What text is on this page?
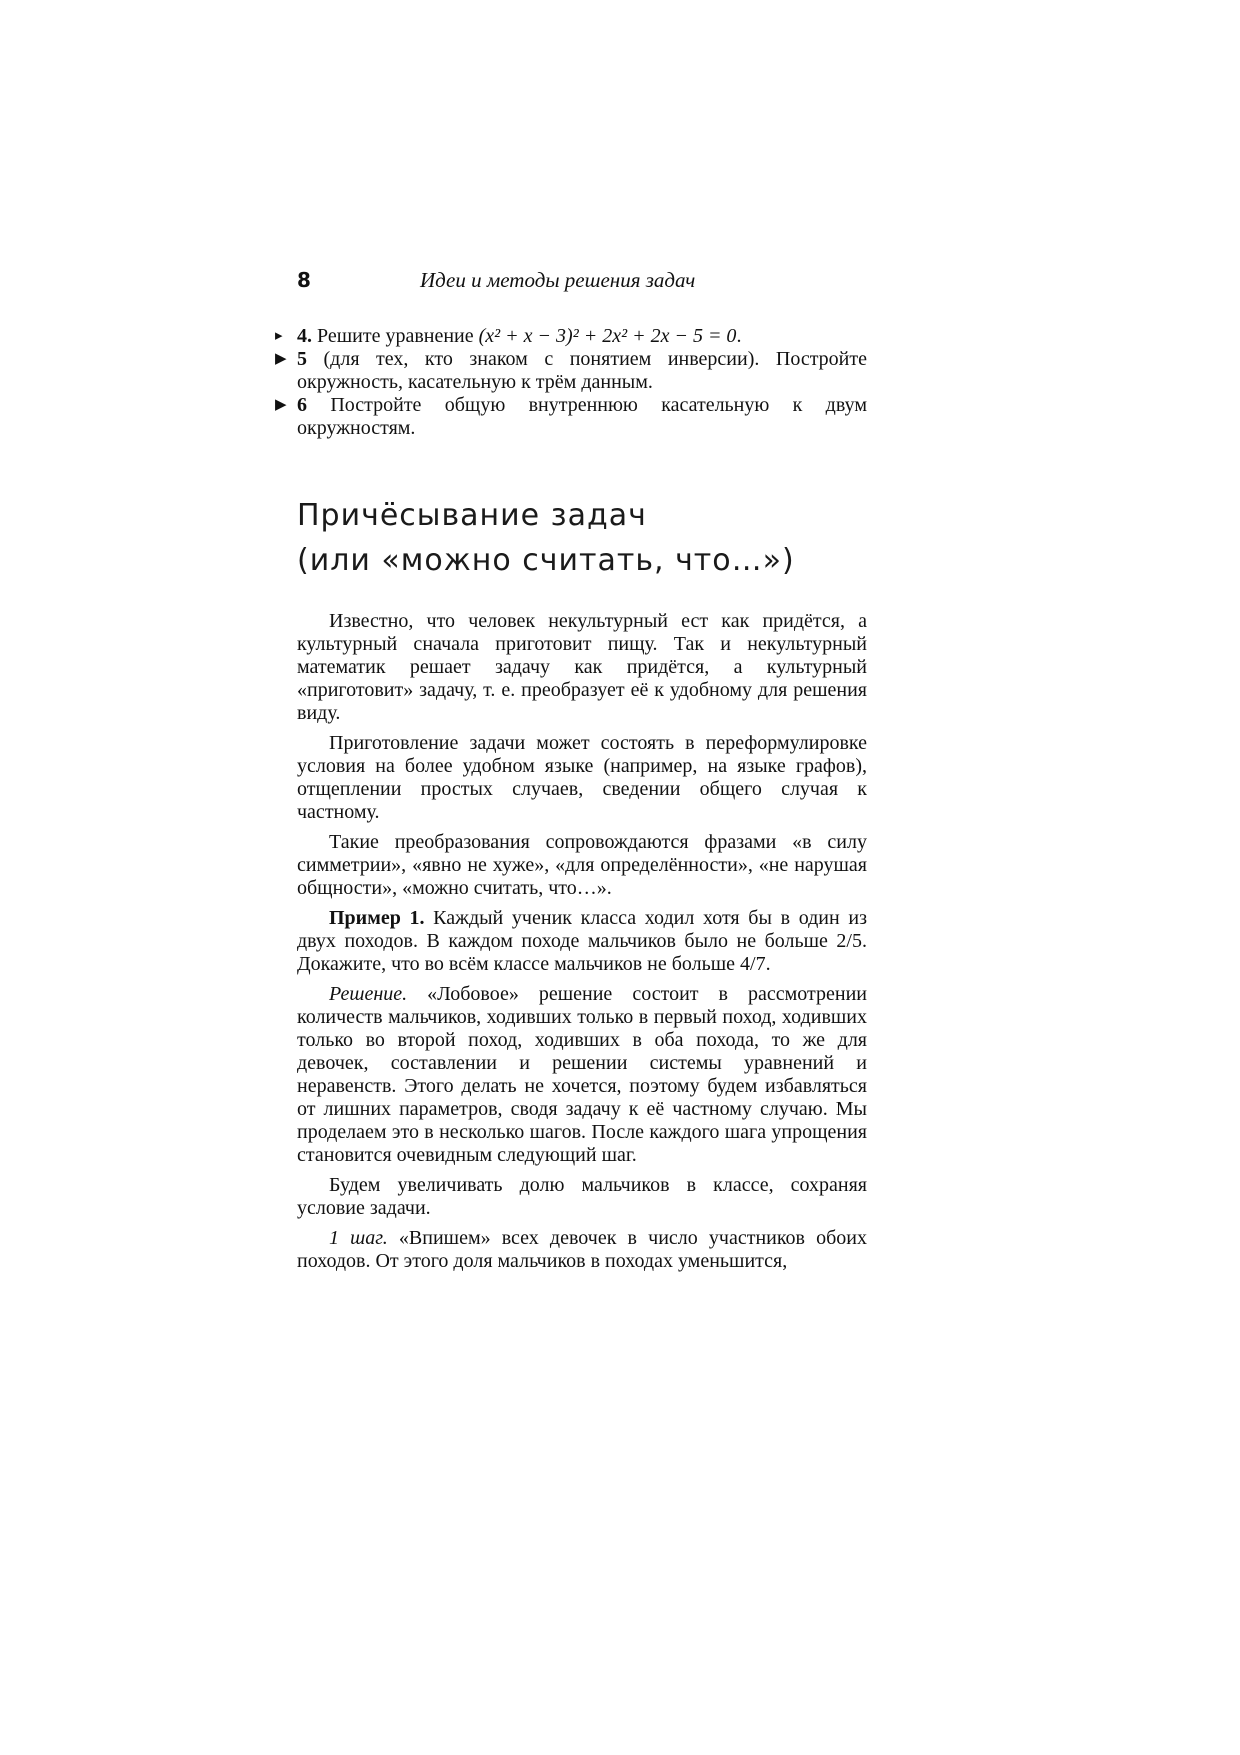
8	Идеи и методы решения задач
▸ 4. Решите уравнение (x² + x − 3)² + 2x² + 2x − 5 = 0.
▶ 5 (для тех, кто знаком с понятием инверсии). Постройте окружность, касательную к трём данным.
▶ 6 Постройте общую внутреннюю касательную к двум окружностям.
Причёсывание задач
(или «можно считать, что…»)

Известно, что человек некультурный ест как придётся, а культурный сначала приготовит пищу. Так и некультурный математик решает задачу как придётся, а культурный «приготовит» задачу, т. е. преобразует её к удобному для решения виду.

Приготовление задачи может состоять в переформулировке условия на более удобном языке (например, на языке графов), отщеплении простых случаев, сведении общего случая к частному.

Такие преобразования сопровождаются фразами «в силу симметрии», «явно не хуже», «для определённости», «не нарушая общности», «можно считать, что…».

Пример 1. Каждый ученик класса ходил хотя бы в один из двух походов. В каждом походе мальчиков было не больше 2/5. Докажите, что во всём классе мальчиков не больше 4/7.

Решение. «Лобовое» решение состоит в рассмотрении количеств мальчиков, ходивших только в первый поход, ходивших только во второй поход, ходивших в оба похода, то же для девочек, составлении и решении системы уравнений и неравенств. Этого делать не хочется, поэтому будем избавляться от лишних параметров, сводя задачу к её частному случаю. Мы проделаем это в несколько шагов. После каждого шага упрощения становится очевидным следующий шаг.

Будем увеличивать долю мальчиков в классе, сохраняя условие задачи.

1 шаг. «Впишем» всех девочек в число участников обоих походов. От этого доля мальчиков в походах уменьшится,
